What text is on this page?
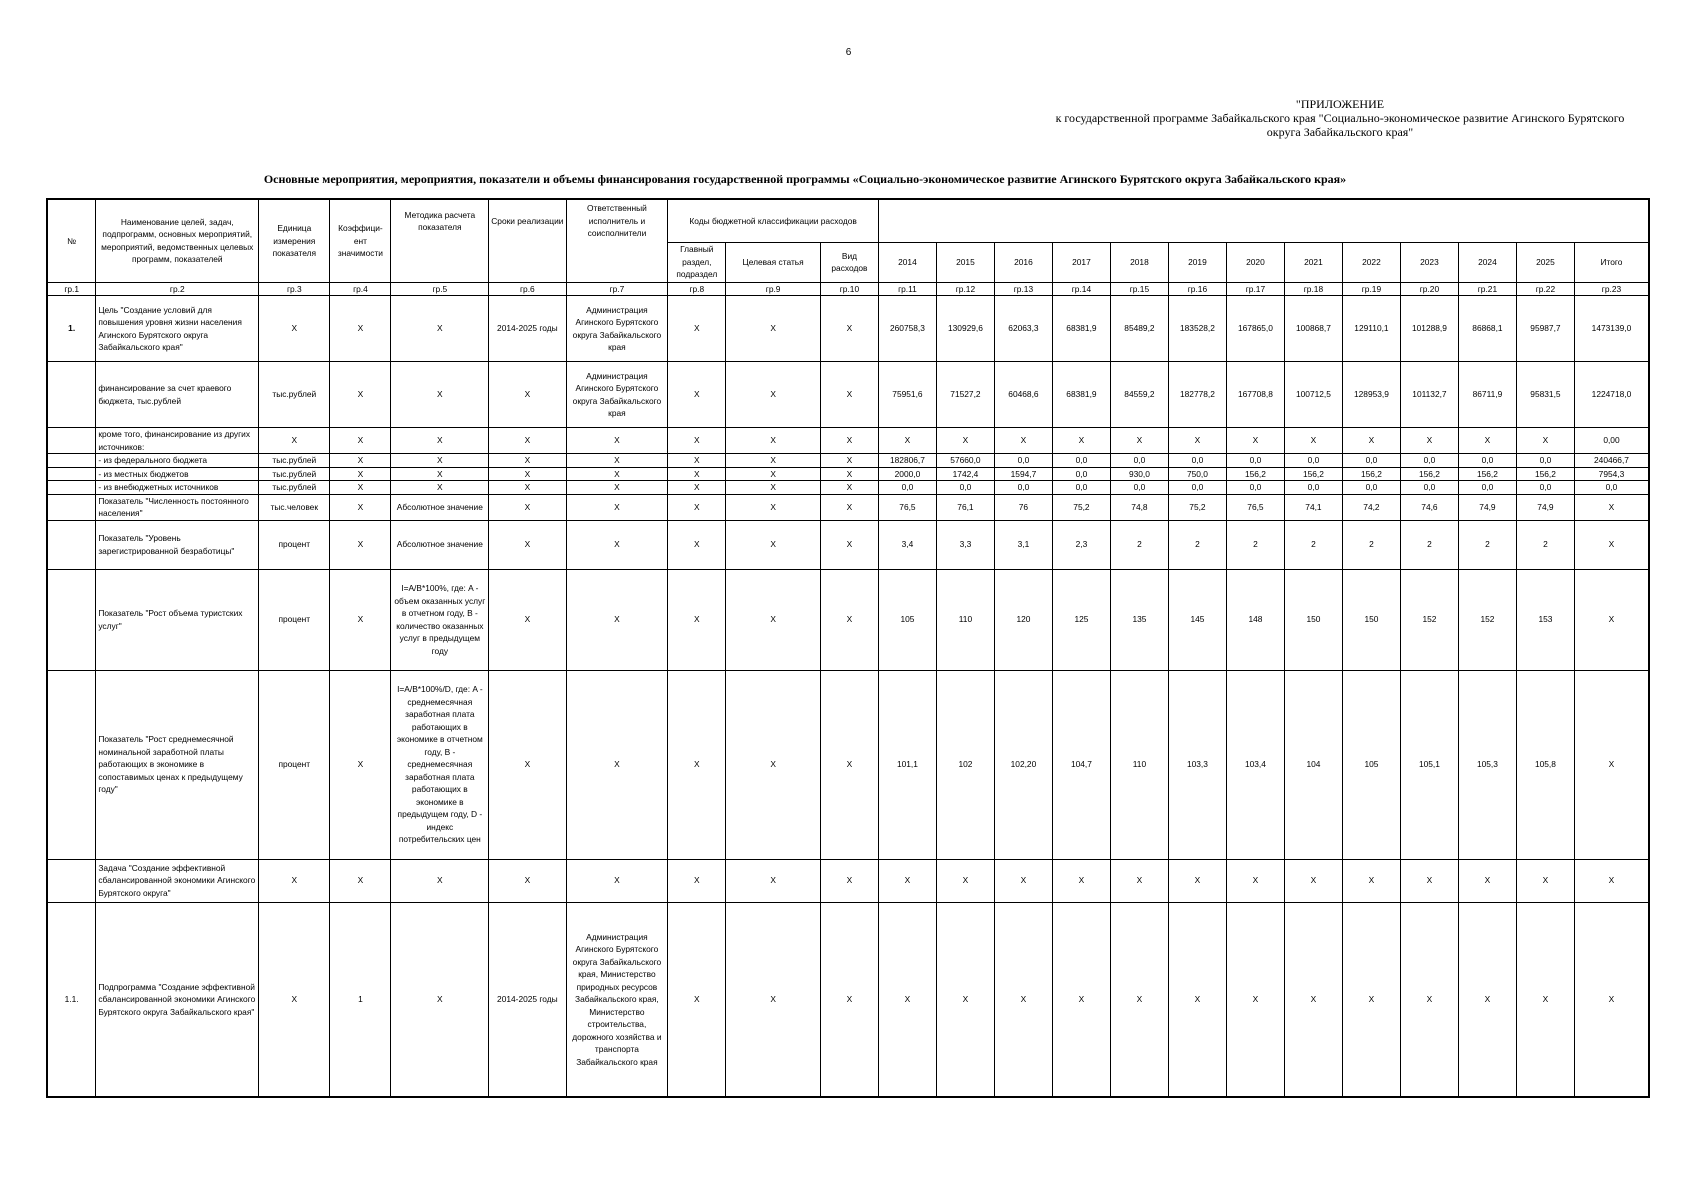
6
"ПРИЛОЖЕНИЕ
к государственной программе Забайкальского края "Социально-экономическое развитие Агинского Бурятского
округа Забайкальского края"
Основные мероприятия, мероприятия, показатели и объемы финансирования государственной программы «Социально-экономическое развитие Агинского Бурятского округа Забайкальского края»
№	Наименование целей, задач, подпрограмм, основных мероприятий, мероприятий, ведомственных целевых программ, показателей	Единица измерения показателя	Коэффици-ент значимости	Методика расчета показателя	Сроки реализации	Ответственный исполнитель и соисполнители	Коды бюджетной классификации расходов															
							Главный раздел, подраздел	Целевая статья	Вид расходов	2014	2015	2016	2017	2018	2019	2020	2021	2022	2023	2024	2025	Итого
гр.1	гр.2	гр.3	гр.4	гр.5	гр.6	гр.7	гр.8	гр.9	гр.10	гр.11	гр.12	гр.13	гр.14	гр.15	гр.16	гр.17	гр.18	гр.19	гр.20	гр.21	гр.22	гр.23
1.	Цель "Создание условий для повышения уровня жизни населения Агинского Бурятского округа Забайкальского края"	X	X	X	2014-2025 годы	Администрация Агинского Бурятского округа Забайкальского края	X	X	X	260758,3	130929,6	62063,3	68381,9	85489,2	183528,2	167865,0	100868,7	129110,1	101288,9	86868,1	95987,7	1473139,0
	финансирование за счет краевого бюджета, тыс.рублей	тыс.рублей	X	X	X	Администрация Агинского Бурятского округа Забайкальского края	X	X	X	75951,6	71527,2	60468,6	68381,9	84559,2	182778,2	167708,8	100712,5	128953,9	101132,7	86711,9	95831,5	1224718,0
	кроме того, финансирование из других источников:	X	X	X	X	X	X	X	X	X	X	X	X	X	X	X	X	X	X	X	X	0,00
	- из федерального бюджета	тыс.рублей	X	X	X	X	X	X	X	182806,7	57660,0	0,0	0,0	0,0	0,0	0,0	0,0	0,0	0,0	0,0	0,0	240466,7
	- из местных бюджетов	тыс.рублей	X	X	X	X	X	X	X	2000,0	1742,4	1594,7	0,0	930,0	750,0	156,2	156,2	156,2	156,2	156,2	156,2	7954,3
	- из внебюджетных источников	тыс.рублей	X	X	X	X	X	X	X	0,0	0,0	0,0	0,0	0,0	0,0	0,0	0,0	0,0	0,0	0,0	0,0	0,0
	Показатель "Численность постоянного населения"	тыс.человек	X	Абсолютное значение	X	X	X	X	X	76,5	76,1	76	75,2	74,8	75,2	76,5	74,1	74,2	74,6	74,9	74,9	X
	Показатель "Уровень зарегистрированной безработицы"	процент	X	Абсолютное значение	X	X	X	X	X	3,4	3,3	3,1	2,3	2	2	2	2	2	2	2	2	X
	Показатель "Рост объема туристских услуг"	процент	X	I=A/B*100%, где: A - объем оказанных услуг в отчетном году, B - количество оказанных услуг в предыдущем году	X	X	X	X	X	105	110	120	125	135	145	148	150	150	152	152	153	X
	Показатель "Рост среднемесячной номинальной заработной платы работающих в экономике в сопоставимых ценах к предыдущему году"	процент	X	I=A/B*100%/D, где: A - среднемесячная заработная плата работающих в экономике в отчетном году, B - среднемесячная заработная плата работающих в экономике в предыдущем году, D - индекс потребительских цен	X	X	X	X	X	101,1	102	102,20	104,7	110	103,3	103,4	104	105	105,1	105,3	105,8	X
	Задача "Создание эффективной сбалансированной экономики Агинского Бурятского округа"	X	X	X	X	X	X	X	X	X	X	X	X	X	X	X	X	X	X	X	X	X
1.1.	Подпрограмма "Создание эффективной сбалансированной экономики Агинского Бурятского округа Забайкальского края"	X	1	X	2014-2025 годы	Администрация Агинского Бурятского округа Забайкальского края, Министерство природных ресурсов Забайкальского края, Министерство строительства, дорожного хозяйства и транспорта Забайкальского края	X	X	X	X	X	X	X	X	X	X	X	X	X	X	X	X
